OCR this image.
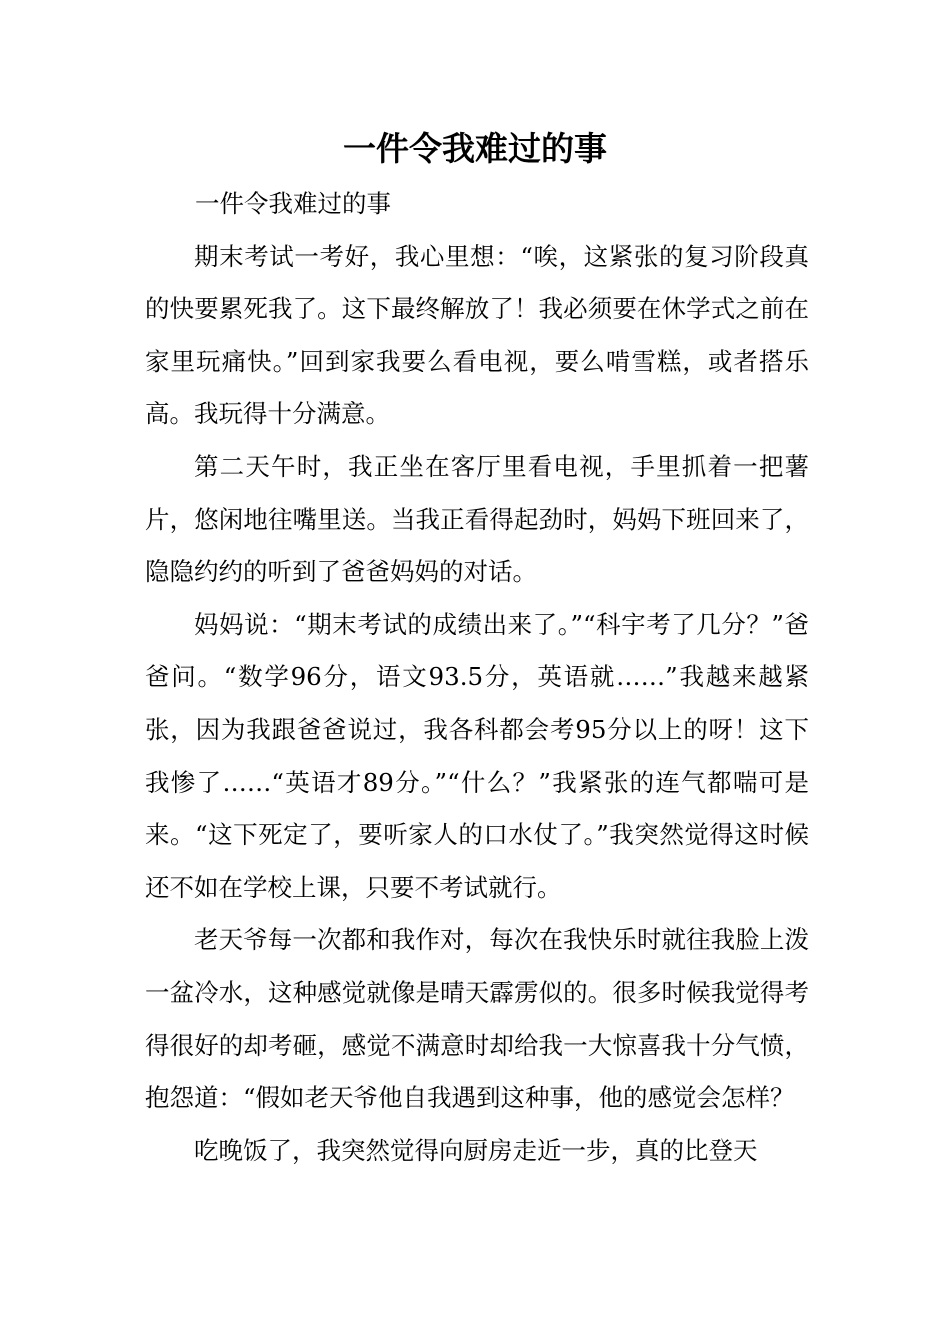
一件令我难过的事

一件令我难过的事

期末考试一考好，我心里想：“唉，这紧张的复习阶段真的快要累死我了。这下最终解放了！我必须要在休学式之前在家里玩痛快。”回到家我要么看电视，要么啃雪糕，或者搭乐高。我玩得十分满意。

第二天午时，我正坐在客厅里看电视，手里抓着一把薯片，悠闲地往嘴里送。当我正看得起劲时，妈妈下班回来了，隐隐约约的听到了爸爸妈妈的对话。

妈妈说：“期末考试的成绩出来了。”“科宇考了几分？”爸爸问。“数学96分，语文93.5分，英语就……”我越来越紧张，因为我跟爸爸说过，我各科都会考95分以上的呀！这下我惨了……“英语才89分。”“什么？”我紧张的连气都喘可是来。“这下死定了，要听家人的口水仗了。”我突然觉得这时候还不如在学校上课，只要不考试就行。

老天爷每一次都和我作对，每次在我快乐时就往我脸上泼一盆冷水，这种感觉就像是晴天霹雳似的。很多时候我觉得考得很好的却考砸，感觉不满意时却给我一大惊喜我十分气愤，抱怨道：“假如老天爷他自我遇到这种事，他的感觉会怎样？

吃晚饭了，我突然觉得向厨房走近一步，真的比登天
